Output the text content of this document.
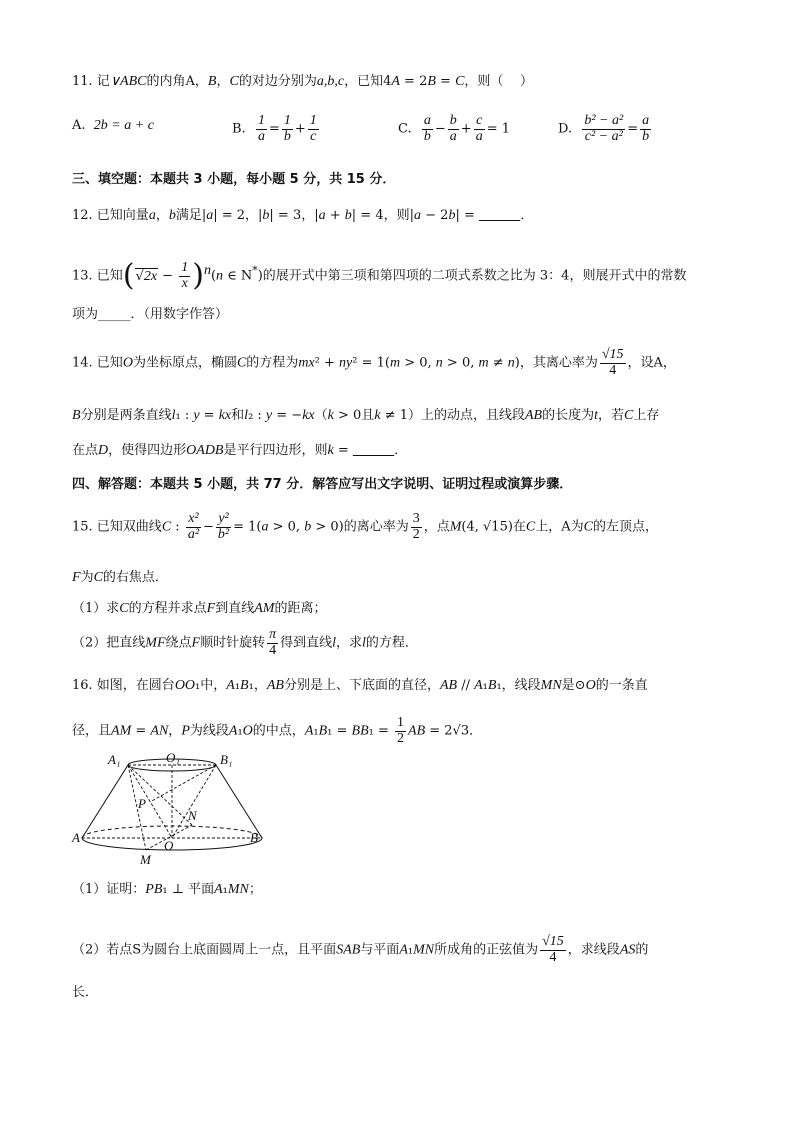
11. 记∨ABC的内角A，B，C的对边分别为a,b,c，已知4A = 2B = C，则（    ）
A. 2b = a + c	B. $\frac{1}{a} = \frac{1}{b} + \frac{1}{c}$	C. $\frac{a}{b} - \frac{b}{a} + \frac{c}{a} = 1$	D. $\frac{\text{b² − a²}}{\text{c² − a²}} = \frac{a}{b}$
三、填空题：本题共 3 小题，每小题 5 分，共 15 分．
12. 已知向量a，b满足|a| = 2，|b| = 3，|a + b| = 4，则|a − 2b| =	．
13. 已知$(√2x - \frac{1}{x} )^n(n$ ∈ N*)的展开式中第三项和第四项的二项式系数之比为 3：4，则展开式中的常数
项为_____．（用数字作答）
14. 已知O为坐标原点，椭圆C的方程为mx² + ny² = 1(m > 0, n > 0, m ≠ n)，其离心率为 $\frac{√15}{4}$ ，设A，
B分别是两条直线l₁ : y = kx和l₂ : y = −kx（k > 0且k ≠ 1）上的动点，且线段AB的长度为t，若C上存
在点D，使得四边形OADB是平行四边形，则k =	．
四、解答题：本题共 5 小题，共 77 分．解答应写出文字说明、证明过程或演算步骤．
15. 已知双曲线C : $\frac{\text{x²}}{\text{a²}} - \frac{\text{y²}}{\text{b²}} = 1(a > 0$, b > 0)的离心率为 $\frac{3}{2}$ ，点M(4, √15)在C上，A为C的左顶点，
F为C的右焦点．
（1）求C的方程并求点F到直线AM的距离；
（2）把直线MF绕点F顺时针旋转 $\frac{\pi}{4}$ 得到直线l，求l的方程．
16. 如图，在圆台OO₁中，A₁B₁，AB分别是上、下底面的直径，AB // A₁B₁，线段MN是⊙O的一条直
径，且AM = AN，P为线段A₁O的中点，$A_1B_1 = BB_1 = \frac{1}{2}$ AB = 2√3．
A₁	O₁	B₁
P
N
A
O
B
M
（1）证明：PB₁ ⊥ 平面A₁MN；
（2）若点S为圆台上底面圆周上一点，且平面SAB与平面A₁MN所成角的正弦值为 $\frac{√15}{4}$ ，求线段AS的
长．
